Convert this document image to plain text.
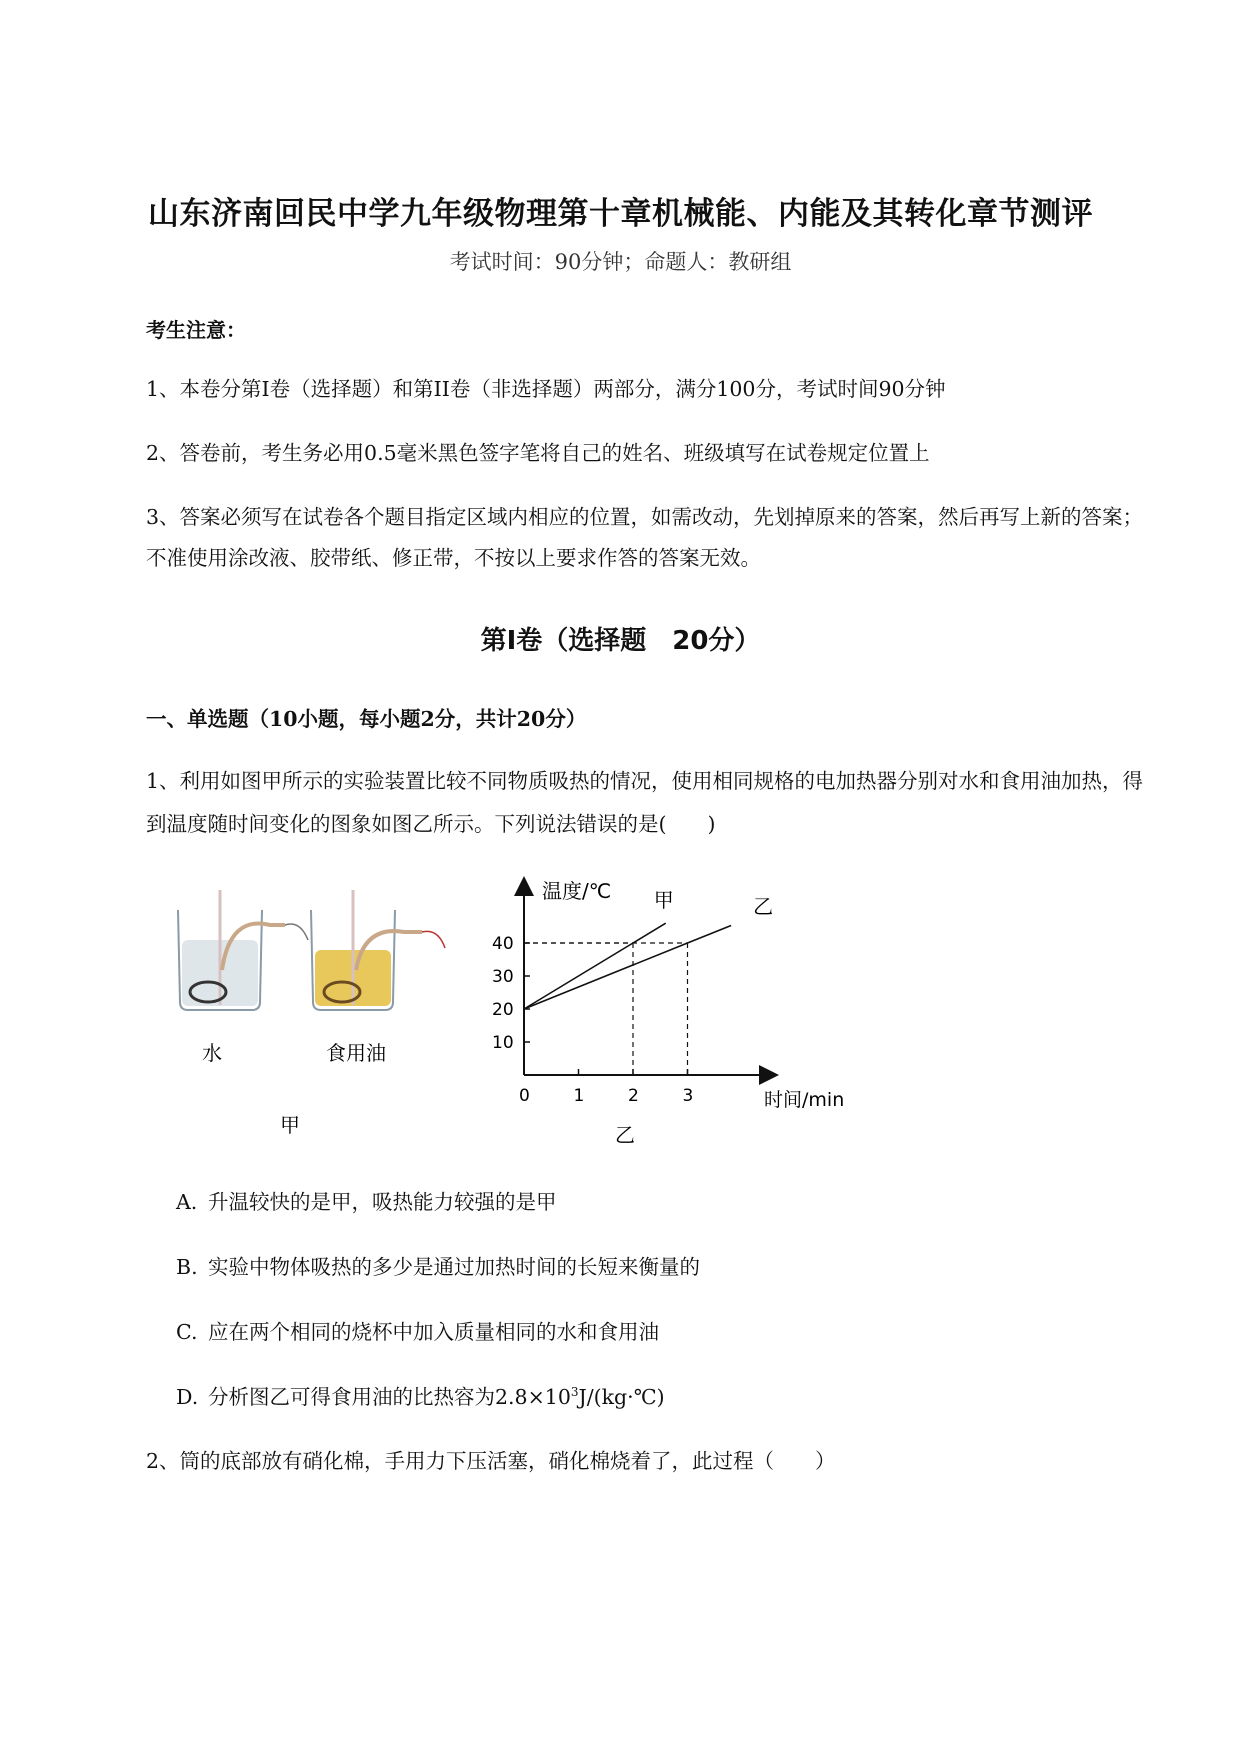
山东济南回民中学九年级物理第十章机械能、内能及其转化章节测评
考试时间：90分钟；命题人：教研组
考生注意：
1、本卷分第I卷（选择题）和第II卷（非选择题）两部分，满分100分，考试时间90分钟
2、答卷前，考生务必用0.5毫米黑色签字笔将自己的姓名、班级填写在试卷规定位置上
3、答案必须写在试卷各个题目指定区域内相应的位置，如需改动，先划掉原来的答案，然后再写上新的答案；不准使用涂改液、胶带纸、修正带，不按以上要求作答的答案无效。
第I卷（选择题　20分）
一、单选题（10小题，每小题2分，共计20分）
1、利用如图甲所示的实验装置比较不同物质吸热的情况，使用相同规格的电加热器分别对水和食用油加热，得到温度随时间变化的图象如图乙所示。下列说法错误的是(　　)
水	食用油
甲
温度/℃
时间/min
0	1	2	3
10
20
30
40
甲	乙
乙
A. 升温较快的是甲，吸热能力较强的是甲
B. 实验中物体吸热的多少是通过加热时间的长短来衡量的
C. 应在两个相同的烧杯中加入质量相同的水和食用油
D. 分析图乙可得食用油的比热容为$2.8\times 10^3J/(kg\cdot℃)$
2、筒的底部放有硝化棉，手用力下压活塞，硝化棉烧着了，此过程（　　）
